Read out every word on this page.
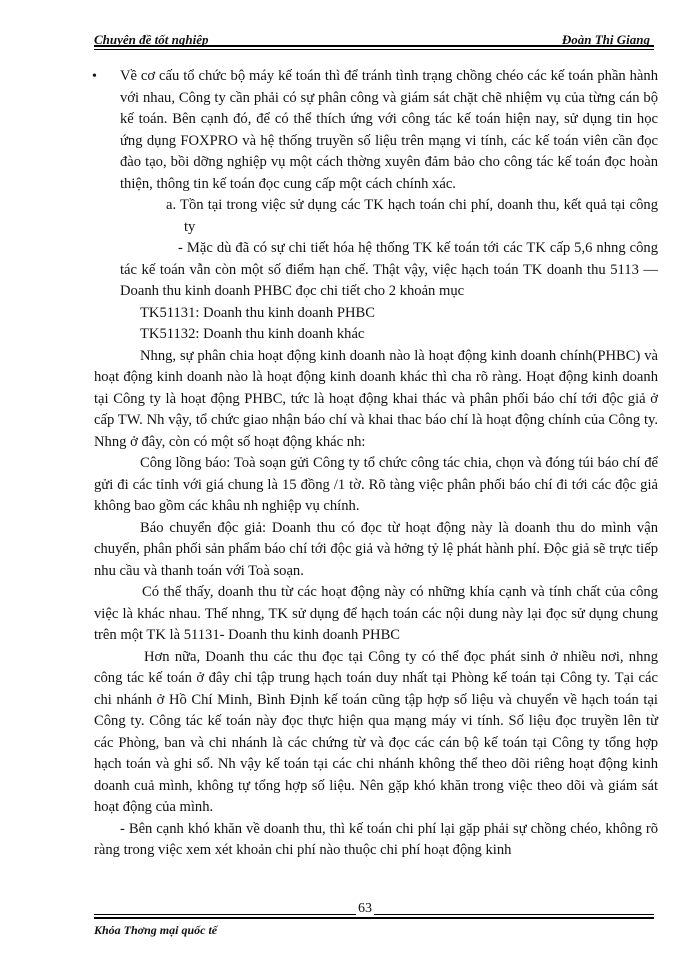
Chuyên đề tốt nghiệp	Đoàn Thị Giang

• Về cơ cấu tổ chức bộ máy kế toán thì để tránh tình trạng chồng chéo các kế toán phần hành với nhau, Công ty cần phải có sự phân công và giám sát chặt chẽ nhiệm vụ của từng cán bộ kế toán. Bên cạnh đó, để có thể thích ứng với công tác kế toán hiện nay, sử dụng tin học ứng dụng FOXPRO và hệ thống truyền số liệu trên mạng vi tính, các kế toán viên cần đọc đào tạo, bồi dỡng nghiệp vụ một cách thờng xuyên đảm bảo cho công tác kế toán đọc hoàn thiện, thông tin kế toán đọc cung cấp một cách chính xác.

a. Tồn tại trong việc sử dụng các TK hạch toán chi phí, doanh thu, kết quả tại công ty

- Mặc dù đã có sự chi tiết hóa hệ thống TK kế toán tới các TK cấp 5,6 nhng công tác kế toán vẫn còn một số điểm hạn chế. Thật vậy, việc hạch toán TK doanh thu 5113 — Doanh thu kinh doanh PHBC đọc chi tiết cho 2 khoản mục

TK51131: Doanh thu kinh doanh PHBC

TK51132: Doanh thu kinh doanh khác

Nhng, sự phân chia hoạt động kinh doanh nào là hoạt động kinh doanh chính(PHBC) và hoạt động kinh doanh nào là hoạt động kinh doanh khác thì cha rõ ràng. Hoạt động kinh doanh tại Công ty là hoạt động PHBC, tức là hoạt động khai thác và phân phối báo chí tới độc giả ở cấp TW. Nh vậy, tổ chức giao nhận báo chí và khai thac báo chí là hoạt động chính của Công ty. Nhng ở đây, còn có một số hoạt động khác nh:

Công lồng báo: Toà soạn gửi Công ty tổ chức công tác chia, chọn và đóng túi báo chí để gửi đi các tỉnh với giá chung là 15 đồng /1 tờ. Rõ tàng việc phân phối báo chí đi tới các độc giả không bao gồm các khâu nh nghiệp vụ chính.

Báo chuyển độc giả: Doanh thu có đọc từ hoạt động này là doanh thu do mình vận chuyển, phân phối sản phẩm báo chí tới độc giả và hởng tỷ lệ phát hành phí. Độc giả sẽ trực tiếp nhu cầu và thanh toán với Toà soạn.

Có thể thấy, doanh thu từ các hoạt động này có những khía cạnh và tính chất của công việc là khác nhau. Thế nhng, TK sử dụng để hạch toán các nội dung này lại đọc sử dụng chung trên một TK là 51131- Doanh thu kinh doanh PHBC

Hơn nữa, Doanh thu các thu đọc tại Công ty có thể đọc phát sinh ở nhiều nơi, nhng công tác kế toán ở đây chỉ tập trung hạch toán duy nhất tại Phòng kế toán tại Công ty. Tại các chi nhánh ở Hồ Chí Minh, Bình Định kế toán cũng tập hợp số liệu và chuyển về hạch toán tại Công ty. Công tác kế toán này đọc thực hiện qua mạng máy vi tính. Số liệu đọc truyền lên từ các Phòng, ban và chi nhánh là các chứng từ và đọc các cán bộ kế toán tại Công ty tổng hợp hạch toán và ghi sổ. Nh vậy kế toán tại các chi nhánh không thể theo dõi riêng hoạt động kinh doanh cuả mình, không tự tổng hợp số liệu. Nên gặp khó khăn trong việc theo dõi và giám sát hoạt động của mình.

- Bên cạnh khó khăn về doanh thu, thì kế toán chi phí lại gặp phải sự chồng chéo, không rõ ràng trong việc xem xét khoản chi phí nào thuộc chi phí hoạt động kinh

63
Khóa Thơng mại quốc tế
